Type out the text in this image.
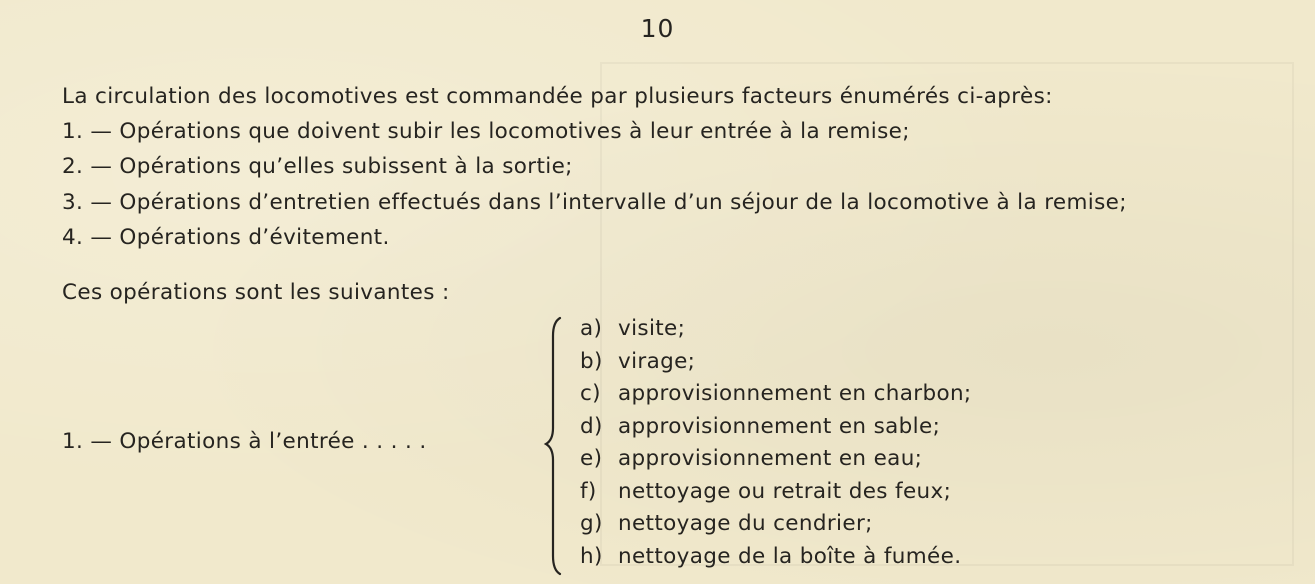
10
La circulation des locomotives est commandée par plusieurs facteurs énumérés ci-après:
1. — Opérations que doivent subir les locomotives à leur entrée à la remise;
2. — Opérations qu’elles subissent à la sortie;
3. — Opérations d’entretien effectués dans l’intervalle d’un séjour de la locomotive à la remise;
4. — Opérations d’évitement.
Ces opérations sont les suivantes :
1. — Opérations à l’entrée . . . . .
a) visite;
b) virage;
c) approvisionnement en charbon;
d) approvisionnement en sable;
e) approvisionnement en eau;
f) nettoyage ou retrait des feux;
g) nettoyage du cendrier;
h) nettoyage de la boîte à fumée.
